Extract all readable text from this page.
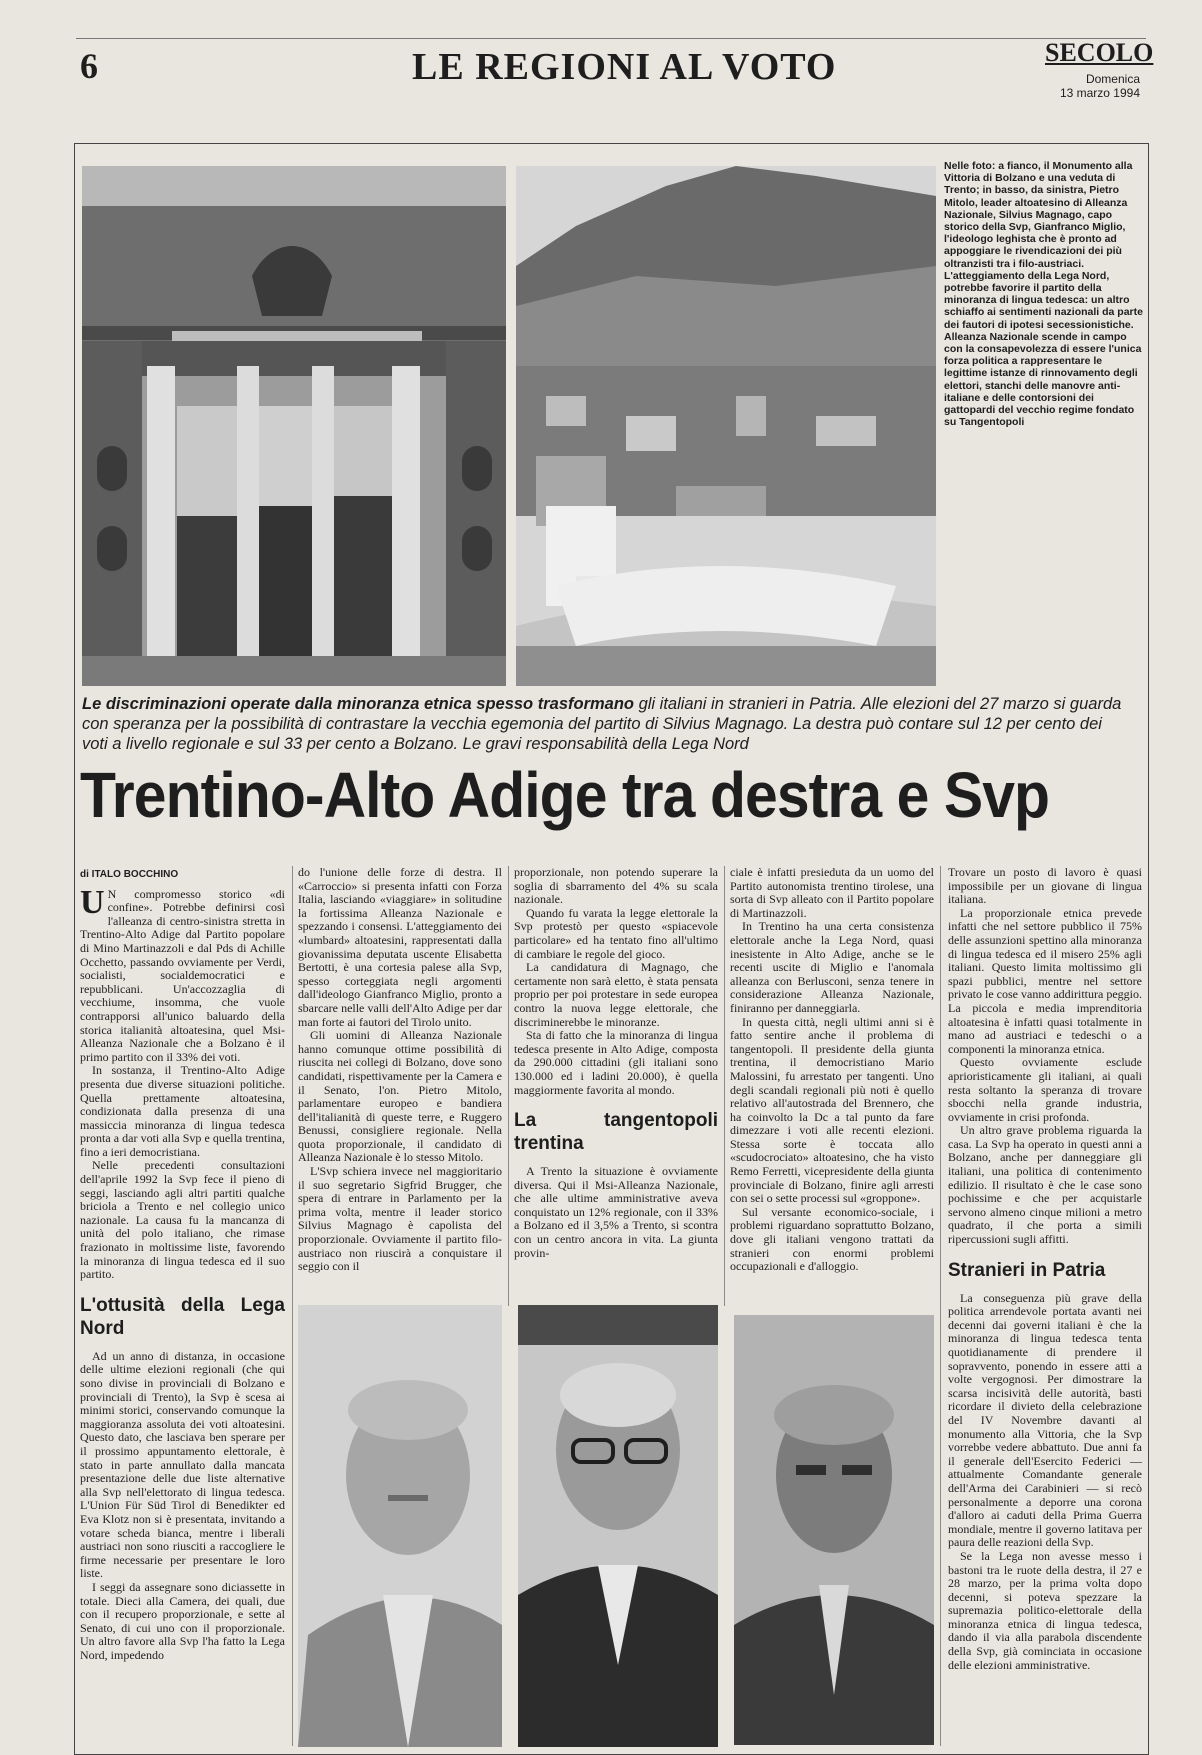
6	LE REGIONI AL VOTO	SECOLO
Domenica
13 marzo 1994
Nelle foto: a fianco, il Monumento alla Vittoria di Bolzano e una veduta di Trento; in basso, da sinistra, Pietro Mitolo, leader altoatesino di Alleanza Nazionale, Silvius Magnago, capo storico della Svp, Gianfranco Miglio, l'ideologo leghista che è pronto ad appoggiare le rivendicazioni dei più oltranzisti tra i filo-austriaci. L'atteggiamento della Lega Nord, potrebbe favorire il partito della minoranza di lingua tedesca: un altro schiaffo ai sentimenti nazionali da parte dei fautori di ipotesi secessionistiche. Alleanza Nazionale scende in campo con la consapevolezza di essere l'unica forza politica a rappresentare le legittime istanze di rinnovamento degli elettori, stanchi delle manovre anti-italiane e delle contorsioni dei gattopardi del vecchio regime fondato su Tangentopoli
Le discriminazioni operate dalla minoranza etnica spesso trasformano gli italiani in stranieri in Patria. Alle elezioni del 27 marzo si guarda con speranza per la possibilità di contrastare la vecchia egemonia del partito di Silvius Magnago. La destra può contare sul 12 per cento dei voti a livello regionale e sul 33 per cento a Bolzano. Le gravi responsabilità della Lega Nord
Trentino-Alto Adige tra destra e Svp
di ITALO BOCCHINO

U N compromesso storico «di confine». Potrebbe definirsi così l'alleanza di centro-sinistra stretta in Trentino-Alto Adige dal Partito popolare di Mino Martinazzoli e dal Pds di Achille Occhetto, passando ovviamente per Verdi, socialisti, socialdemocratici e repubblicani. Un'accozzaglia di vecchiume, insomma, che vuole contrapporsi all'unico baluardo della storica italianità altoatesina, quel Msi-Alleanza Nazionale che a Bolzano è il primo partito con il 33% dei voti.

In sostanza, il Trentino-Alto Adige presenta due diverse situazioni politiche. Quella prettamente altoatesina, condizionata dalla presenza di una massiccia minoranza di lingua tedesca pronta a dar voti alla Svp e quella trentina, fino a ieri democristiana.

Nelle precedenti consultazioni dell'aprile 1992 la Svp fece il pieno di seggi, lasciando agli altri partiti qualche briciola a Trento e nel collegio unico nazionale. La causa fu la mancanza di unità del polo italiano, che rimase frazionato in moltissime liste, favorendo la minoranza di lingua tedesca ed il suo partito.

L'ottusità della Lega Nord

Ad un anno di distanza, in occasione delle ultime elezioni regionali (che qui sono divise in provinciali di Bolzano e provinciali di Trento), la Svp è scesa ai minimi storici, conservando comunque la maggioranza assoluta dei voti altoatesini. Questo dato, che lasciava ben sperare per il prossimo appuntamento elettorale, è stato in parte annullato dalla mancata presentazione delle due liste alternative alla Svp nell'elettorato di lingua tedesca. L'Union Für Süd Tirol di Benedikter ed Eva Klotz non si è presentata, invitando a votare scheda bianca, mentre i liberali austriaci non sono riusciti a raccogliere le firme necessarie per presentare le loro liste.

I seggi da assegnare sono diciassette in totale. Dieci alla Camera, dei quali, due con il recupero proporzionale, e sette al Senato, di cui uno con il proporzionale. Un altro favore alla Svp l'ha fatto la Lega Nord, impedendo

do l'unione delle forze di destra. Il «Carroccio» si presenta infatti con Forza Italia, lasciando «viaggiare» in solitudine la fortissima Alleanza Nazionale e spezzando i consensi. L'atteggiamento dei «lumbard» altoatesini, rappresentati dalla giovanissima deputata uscente Elisabetta Bertotti, è una cortesia palese alla Svp, spesso corteggiata negli argomenti dall'ideologo Gianfranco Miglio, pronto a sbarcare nelle valli dell'Alto Adige per dar man forte ai fautori del Tirolo unito.

Gli uomini di Alleanza Nazionale hanno comunque ottime possibilità di riuscita nei collegi di Bolzano, dove sono candidati, rispettivamente per la Camera e il Senato, l'on. Pietro Mitolo, parlamentare europeo e bandiera dell'italianità di queste terre, e Ruggero Benussi, consigliere regionale. Nella quota proporzionale, il candidato di Alleanza Nazionale è lo stesso Mitolo.

L'Svp schiera invece nel maggioritario il suo segretario Sigfrid Brugger, che spera di entrare in Parlamento per la prima volta, mentre il leader storico Silvius Magnago è capolista del proporzionale. Ovviamente il partito filo-austriaco non riuscirà a conquistare il seggio con il

proporzionale, non potendo superare la soglia di sbarramento del 4% su scala nazionale.

Quando fu varata la legge elettorale la Svp protestò per questo «spiacevole particolare» ed ha tentato fino all'ultimo di cambiare le regole del gioco.

La candidatura di Magnago, che certamente non sarà eletto, è stata pensata proprio per poi protestare in sede europea contro la nuova legge elettorale, che discriminerebbe le minoranze.

Sta di fatto che la minoranza di lingua tedesca presente in Alto Adige, composta da 290.000 cittadini (gli italiani sono 130.000 ed i ladini 20.000), è quella maggiormente favorita al mondo.

La tangentopoli trentina

A Trento la situazione è ovviamente diversa. Qui il Msi-Alleanza Nazionale, che alle ultime amministrative aveva conquistato un 12% regionale, con il 33% a Bolzano ed il 3,5% a Trento, si scontra con un centro ancora in vita. La giunta provin-

ciale è infatti presieduta da un uomo del Partito autonomista trentino tirolese, una sorta di Svp alleato con il Partito popolare di Martinazzoli.

In Trentino ha una certa consistenza elettorale anche la Lega Nord, quasi inesistente in Alto Adige, anche se le recenti uscite di Miglio e l'anomala alleanza con Berlusconi, senza tenere in considerazione Alleanza Nazionale, finiranno per danneggiarla.

In questa città, negli ultimi anni si è fatto sentire anche il problema di tangentopoli. Il presidente della giunta trentina, il democristiano Mario Malossini, fu arrestato per tangenti. Uno degli scandali regionali più noti è quello relativo all'autostrada del Brennero, che ha coinvolto la Dc a tal punto da fare dimezzare i voti alle recenti elezioni. Stessa sorte è toccata allo «scudocrociato» altoatesino, che ha visto Remo Ferretti, vicepresidente della giunta provinciale di Bolzano, finire agli arresti con sei o sette processi sul «groppone».

Sul versante economico-sociale, i problemi riguardano soprattutto Bolzano, dove gli italiani vengono trattati da stranieri con enormi problemi occupazionali e d'alloggio.

Trovare un posto di lavoro è quasi impossibile per un giovane di lingua italiana.

La proporzionale etnica prevede infatti che nel settore pubblico il 75% delle assunzioni spettino alla minoranza di lingua tedesca ed il misero 25% agli italiani. Questo limita moltissimo gli spazi pubblici, mentre nel settore privato le cose vanno addirittura peggio. La piccola e media imprenditoria altoatesina è infatti quasi totalmente in mano ad austriaci e tedeschi o a componenti la minoranza etnica.

Questo ovviamente esclude aprioristicamente gli italiani, ai quali resta soltanto la speranza di trovare sbocchi nella grande industria, ovviamente in crisi profonda.

Un altro grave problema riguarda la casa. La Svp ha operato in questi anni a Bolzano, anche per danneggiare gli italiani, una politica di contenimento edilizio. Il risultato è che le case sono pochissime e che per acquistarle servono almeno cinque milioni a metro quadrato, il che porta a simili ripercussioni sugli affitti.

Stranieri in Patria

La conseguenza più grave della politica arrendevole portata avanti nei decenni dai governi italiani è che la minoranza di lingua tedesca tenta quotidianamente di prendere il sopravvento, ponendo in essere atti a volte vergognosi. Per dimostrare la scarsa incisività delle autorità, basti ricordare il divieto della celebrazione del IV Novembre davanti al monumento alla Vittoria, che la Svp vorrebbe vedere abbattuto. Due anni fa il generale dell'Esercito Federici — attualmente Comandante generale dell'Arma dei Carabinieri — si recò personalmente a deporre una corona d'alloro ai caduti della Prima Guerra mondiale, mentre il governo latitava per paura delle reazioni della Svp.

Se la Lega non avesse messo i bastoni tra le ruote della destra, il 27 e 28 marzo, per la prima volta dopo decenni, si poteva spezzare la supremazia politico-elettorale della minoranza etnica di lingua tedesca, dando il via alla parabola discendente della Svp, già cominciata in occasione delle elezioni amministrative.
